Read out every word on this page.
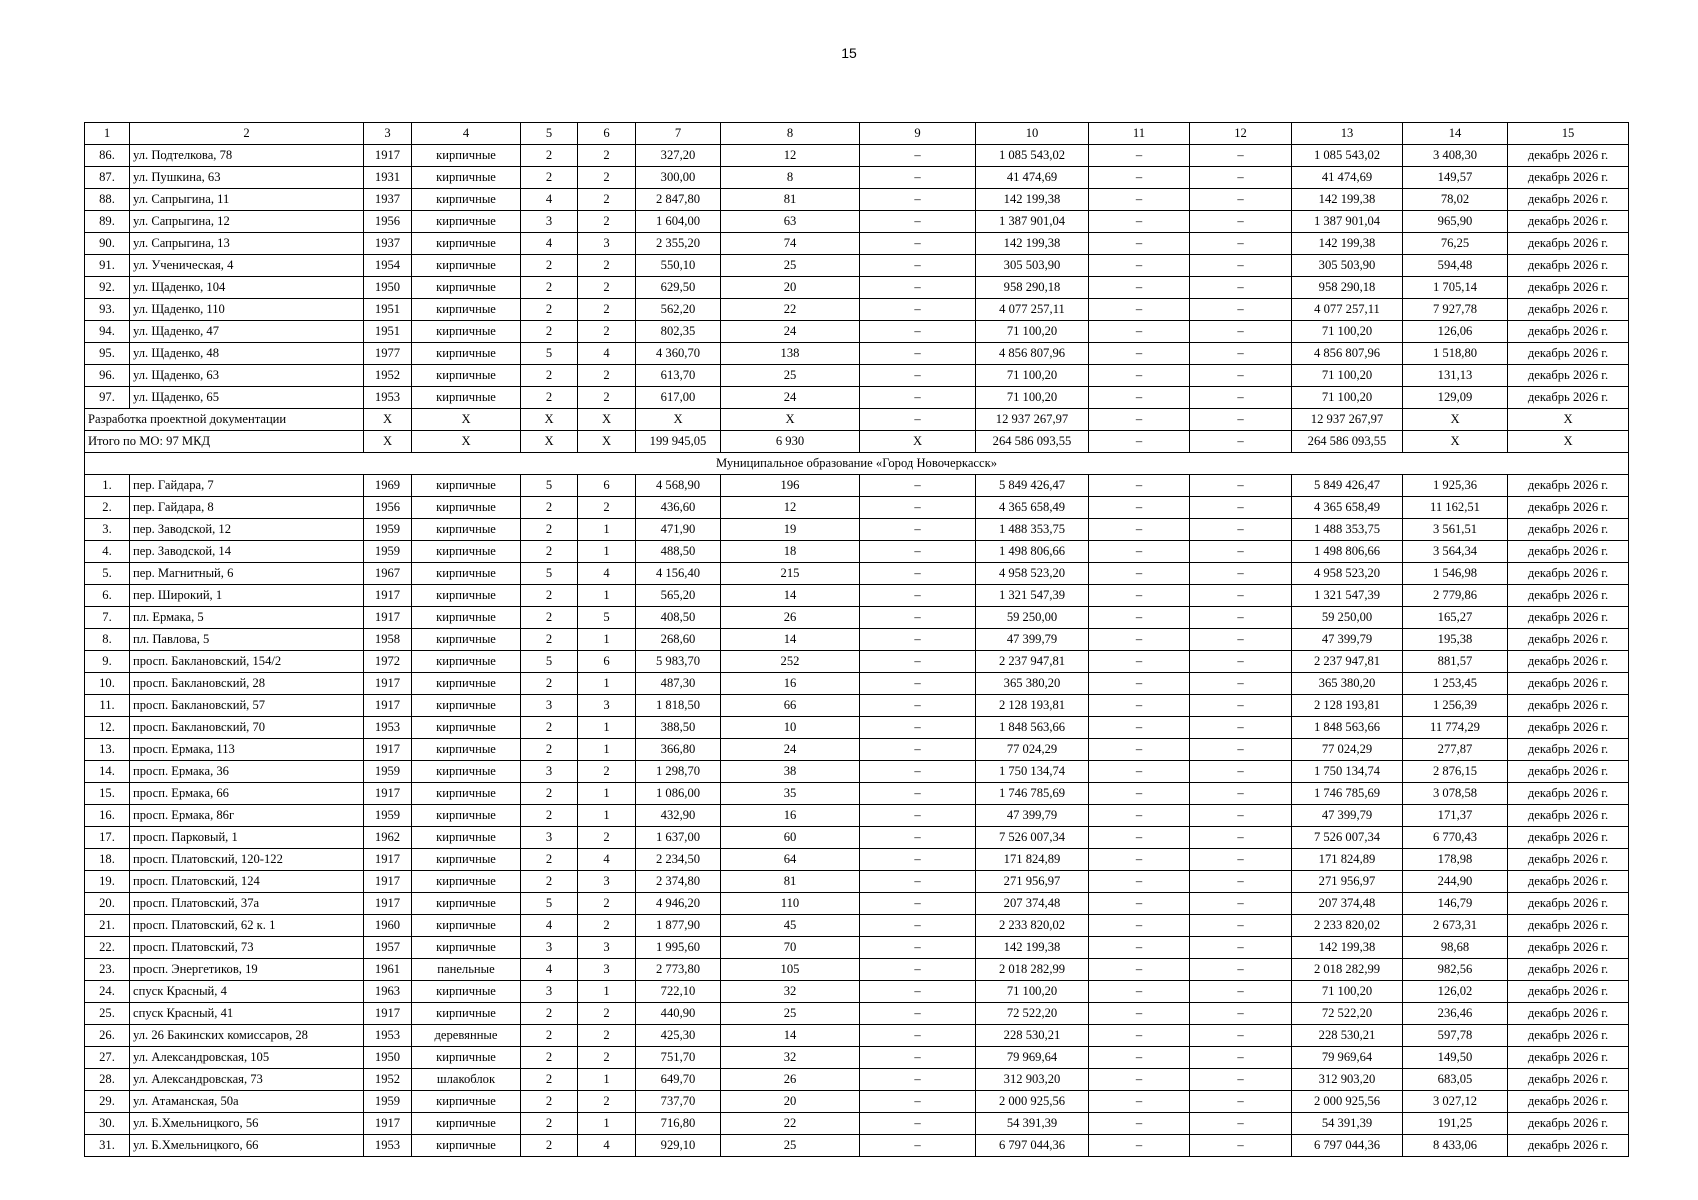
15
1	2	3	4	5	6	7	8	9	10	11	12	13	14	15
86.	ул. Подтелкова, 78	1917	кирпичные	2	2	327,20	12	–	1 085 543,02	–	–	1 085 543,02	3 408,30	декабрь 2026 г.
87.	ул. Пушкина, 63	1931	кирпичные	2	2	300,00	8	–	41 474,69	–	–	41 474,69	149,57	декабрь 2026 г.
88.	ул. Сапрыгина, 11	1937	кирпичные	4	2	2 847,80	81	–	142 199,38	–	–	142 199,38	78,02	декабрь 2026 г.
89.	ул. Сапрыгина, 12	1956	кирпичные	3	2	1 604,00	63	–	1 387 901,04	–	–	1 387 901,04	965,90	декабрь 2026 г.
90.	ул. Сапрыгина, 13	1937	кирпичные	4	3	2 355,20	74	–	142 199,38	–	–	142 199,38	76,25	декабрь 2026 г.
91.	ул. Ученическая, 4	1954	кирпичные	2	2	550,10	25	–	305 503,90	–	–	305 503,90	594,48	декабрь 2026 г.
92.	ул. Щаденко, 104	1950	кирпичные	2	2	629,50	20	–	958 290,18	–	–	958 290,18	1 705,14	декабрь 2026 г.
93.	ул. Щаденко, 110	1951	кирпичные	2	2	562,20	22	–	4 077 257,11	–	–	4 077 257,11	7 927,78	декабрь 2026 г.
94.	ул. Щаденко, 47	1951	кирпичные	2	2	802,35	24	–	71 100,20	–	–	71 100,20	126,06	декабрь 2026 г.
95.	ул. Щаденко, 48	1977	кирпичные	5	4	4 360,70	138	–	4 856 807,96	–	–	4 856 807,96	1 518,80	декабрь 2026 г.
96.	ул. Щаденко, 63	1952	кирпичные	2	2	613,70	25	–	71 100,20	–	–	71 100,20	131,13	декабрь 2026 г.
97.	ул. Щаденко, 65	1953	кирпичные	2	2	617,00	24	–	71 100,20	–	–	71 100,20	129,09	декабрь 2026 г.
Разработка проектной документации		X	X	X	X	X	X	–	12 937 267,97	–	–	12 937 267,97	X	X
Итого по МО: 97 МКД		X	X	X	X	199 945,05	6 930	X	264 586 093,55	–	–	264 586 093,55	X	X
Муниципальное образование «Город Новочеркасск»														
1.	пер. Гайдара, 7	1969	кирпичные	5	6	4 568,90	196	–	5 849 426,47	–	–	5 849 426,47	1 925,36	декабрь 2026 г.
2.	пер. Гайдара, 8	1956	кирпичные	2	2	436,60	12	–	4 365 658,49	–	–	4 365 658,49	11 162,51	декабрь 2026 г.
3.	пер. Заводской, 12	1959	кирпичные	2	1	471,90	19	–	1 488 353,75	–	–	1 488 353,75	3 561,51	декабрь 2026 г.
4.	пер. Заводской, 14	1959	кирпичные	2	1	488,50	18	–	1 498 806,66	–	–	1 498 806,66	3 564,34	декабрь 2026 г.
5.	пер. Магнитный, 6	1967	кирпичные	5	4	4 156,40	215	–	4 958 523,20	–	–	4 958 523,20	1 546,98	декабрь 2026 г.
6.	пер. Широкий, 1	1917	кирпичные	2	1	565,20	14	–	1 321 547,39	–	–	1 321 547,39	2 779,86	декабрь 2026 г.
7.	пл. Ермака, 5	1917	кирпичные	2	5	408,50	26	–	59 250,00	–	–	59 250,00	165,27	декабрь 2026 г.
8.	пл. Павлова, 5	1958	кирпичные	2	1	268,60	14	–	47 399,79	–	–	47 399,79	195,38	декабрь 2026 г.
9.	просп. Баклановский, 154/2	1972	кирпичные	5	6	5 983,70	252	–	2 237 947,81	–	–	2 237 947,81	881,57	декабрь 2026 г.
10.	просп. Баклановский, 28	1917	кирпичные	2	1	487,30	16	–	365 380,20	–	–	365 380,20	1 253,45	декабрь 2026 г.
11.	просп. Баклановский, 57	1917	кирпичные	3	3	1 818,50	66	–	2 128 193,81	–	–	2 128 193,81	1 256,39	декабрь 2026 г.
12.	просп. Баклановский, 70	1953	кирпичные	2	1	388,50	10	–	1 848 563,66	–	–	1 848 563,66	11 774,29	декабрь 2026 г.
13.	просп. Ермака, 113	1917	кирпичные	2	1	366,80	24	–	77 024,29	–	–	77 024,29	277,87	декабрь 2026 г.
14.	просп. Ермака, 36	1959	кирпичные	3	2	1 298,70	38	–	1 750 134,74	–	–	1 750 134,74	2 876,15	декабрь 2026 г.
15.	просп. Ермака, 66	1917	кирпичные	2	1	1 086,00	35	–	1 746 785,69	–	–	1 746 785,69	3 078,58	декабрь 2026 г.
16.	просп. Ермака, 86г	1959	кирпичные	2	1	432,90	16	–	47 399,79	–	–	47 399,79	171,37	декабрь 2026 г.
17.	просп. Парковый, 1	1962	кирпичные	3	2	1 637,00	60	–	7 526 007,34	–	–	7 526 007,34	6 770,43	декабрь 2026 г.
18.	просп. Платовский, 120-122	1917	кирпичные	2	4	2 234,50	64	–	171 824,89	–	–	171 824,89	178,98	декабрь 2026 г.
19.	просп. Платовский, 124	1917	кирпичные	2	3	2 374,80	81	–	271 956,97	–	–	271 956,97	244,90	декабрь 2026 г.
20.	просп. Платовский, 37а	1917	кирпичные	5	2	4 946,20	110	–	207 374,48	–	–	207 374,48	146,79	декабрь 2026 г.
21.	просп. Платовский, 62 к. 1	1960	кирпичные	4	2	1 877,90	45	–	2 233 820,02	–	–	2 233 820,02	2 673,31	декабрь 2026 г.
22.	просп. Платовский, 73	1957	кирпичные	3	3	1 995,60	70	–	142 199,38	–	–	142 199,38	98,68	декабрь 2026 г.
23.	просп. Энергетиков, 19	1961	панельные	4	3	2 773,80	105	–	2 018 282,99	–	–	2 018 282,99	982,56	декабрь 2026 г.
24.	спуск Красный, 4	1963	кирпичные	3	1	722,10	32	–	71 100,20	–	–	71 100,20	126,02	декабрь 2026 г.
25.	спуск Красный, 41	1917	кирпичные	2	2	440,90	25	–	72 522,20	–	–	72 522,20	236,46	декабрь 2026 г.
26.	ул. 26 Бакинских комиссаров, 28	1953	деревянные	2	2	425,30	14	–	228 530,21	–	–	228 530,21	597,78	декабрь 2026 г.
27.	ул. Александровская, 105	1950	кирпичные	2	2	751,70	32	–	79 969,64	–	–	79 969,64	149,50	декабрь 2026 г.
28.	ул. Александровская, 73	1952	шлакоблок	2	1	649,70	26	–	312 903,20	–	–	312 903,20	683,05	декабрь 2026 г.
29.	ул. Атаманская, 50а	1959	кирпичные	2	2	737,70	20	–	2 000 925,56	–	–	2 000 925,56	3 027,12	декабрь 2026 г.
30.	ул. Б.Хмельницкого, 56	1917	кирпичные	2	1	716,80	22	–	54 391,39	–	–	54 391,39	191,25	декабрь 2026 г.
31.	ул. Б.Хмельницкого, 66	1953	кирпичные	2	4	929,10	25	–	6 797 044,36	–	–	6 797 044,36	8 433,06	декабрь 2026 г.
